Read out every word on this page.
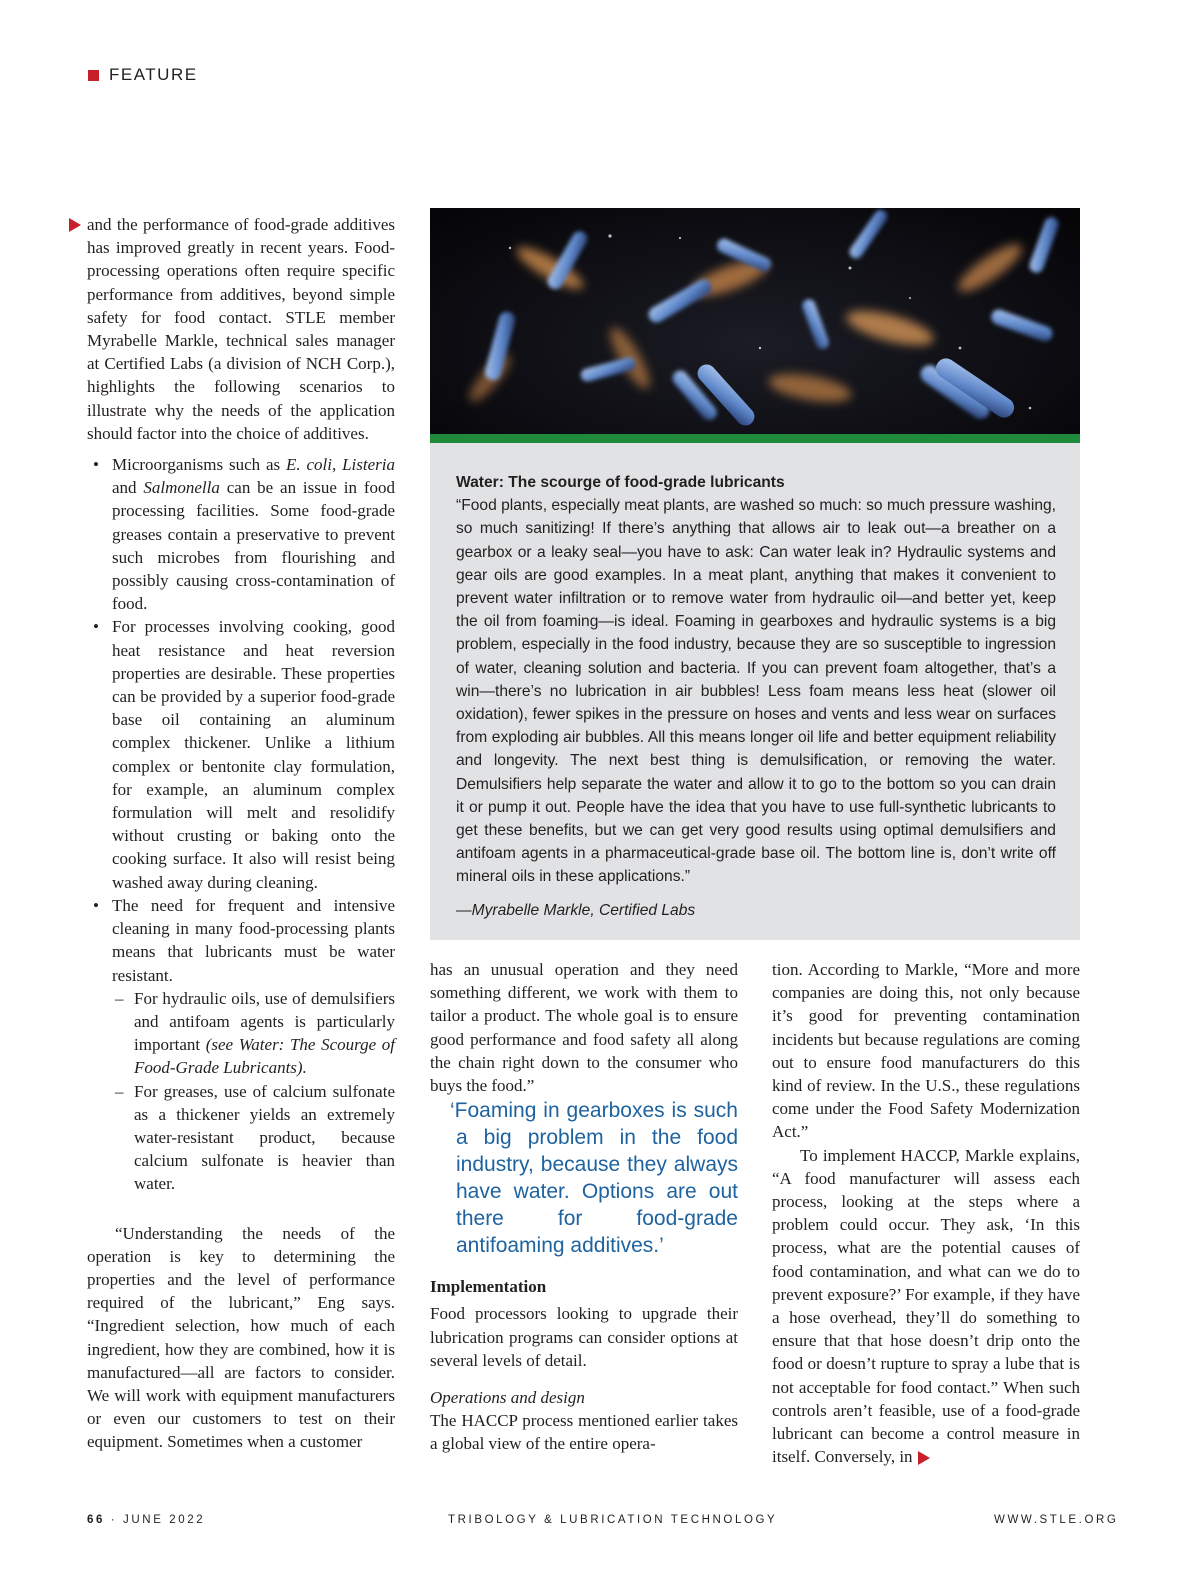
FEATURE

and the performance of food-grade additives has improved greatly in recent years. Food-processing operations often require specific performance from additives, beyond simple safety for food contact. STLE member Myrabelle Markle, technical sales manager at Certified Labs (a division of NCH Corp.), highlights the following scenarios to illustrate why the needs of the application should factor into the choice of additives.

• Microorganisms such as E. coli, Listeria and Salmonella can be an issue in food processing facilities. Some food-grade greases contain a preservative to prevent such microbes from flourishing and possibly causing cross-contamination of food.
• For processes involving cooking, good heat resistance and heat reversion properties are desirable. These properties can be provided by a superior food-grade base oil containing an aluminum complex thickener. Unlike a lithium complex or bentonite clay formulation, for example, an aluminum complex formulation will melt and resolidify without crusting or baking onto the cooking surface. It also will resist being washed away during cleaning.
• The need for frequent and intensive cleaning in many food-processing plants means that lubricants must be water resistant.
– For hydraulic oils, use of demulsifiers and antifoam agents is particularly important (see Water: The Scourge of Food-Grade Lubricants).
– For greases, use of calcium sulfonate as a thickener yields an extremely water-resistant product, because calcium sulfonate is heavier than water.

“Understanding the needs of the operation is key to determining the properties and the level of performance required of the lubricant,” Eng says. “Ingredient selection, how much of each ingredient, how they are combined, how it is manufactured—all are factors to consider. We will work with equipment manufacturers or even our customers to test on their equipment. Sometimes when a customer

Water: The scourge of food-grade lubricants

“Food plants, especially meat plants, are washed so much: so much pressure washing, so much sanitizing! If there’s anything that allows air to leak out—a breather on a gearbox or a leaky seal—you have to ask: Can water leak in? Hydraulic systems and gear oils are good examples. In a meat plant, anything that makes it convenient to prevent water infiltration or to remove water from hydraulic oil—and better yet, keep the oil from foaming—is ideal. Foaming in gearboxes and hydraulic systems is a big problem, especially in the food industry, because they are so susceptible to ingression of water, cleaning solution and bacteria. If you can prevent foam altogether, that’s a win—there’s no lubrication in air bubbles! Less foam means less heat (slower oil oxidation), fewer spikes in the pressure on hoses and vents and less wear on surfaces from exploding air bubbles. All this means longer oil life and better equipment reliability and longevity. The next best thing is demulsification, or removing the water. Demulsifiers help separate the water and allow it to go to the bottom so you can drain it or pump it out. People have the idea that you have to use full-synthetic lubricants to get these benefits, but we can get very good results using optimal demulsifiers and antifoam agents in a pharmaceutical-grade base oil. The bottom line is, don’t write off mineral oils in these applications.”

—Myrabelle Markle, Certified Labs

has an unusual operation and they need something different, we work with them to tailor a product. The whole goal is to ensure good performance and food safety all along the chain right down to the consumer who buys the food.”

‘Foaming in gearboxes is such a big problem in the food industry, because they always have water. Options are out there for food-grade antifoaming additives.’

Implementation

Food processors looking to upgrade their lubrication programs can consider options at several levels of detail.

Operations and design

The HACCP process mentioned earlier takes a global view of the entire opera-

tion. According to Markle, “More and more companies are doing this, not only because it’s good for preventing contamination incidents but because regulations are coming out to ensure food manufacturers do this kind of review. In the U.S., these regulations come under the Food Safety Modernization Act.”

To implement HACCP, Markle explains, “A food manufacturer will assess each process, looking at the steps where a problem could occur. They ask, ‘In this process, what are the potential causes of food contamination, and what can we do to prevent exposure?’ For example, if they have a hose overhead, they’ll do something to ensure that that hose doesn’t drip onto the food or doesn’t rupture to spray a lube that is not acceptable for food contact.” When such controls aren’t feasible, use of a food-grade lubricant can become a control measure in itself. Conversely, in

66 · JUNE 2022	TRIBOLOGY & LUBRICATION TECHNOLOGY	WWW.STLE.ORG
